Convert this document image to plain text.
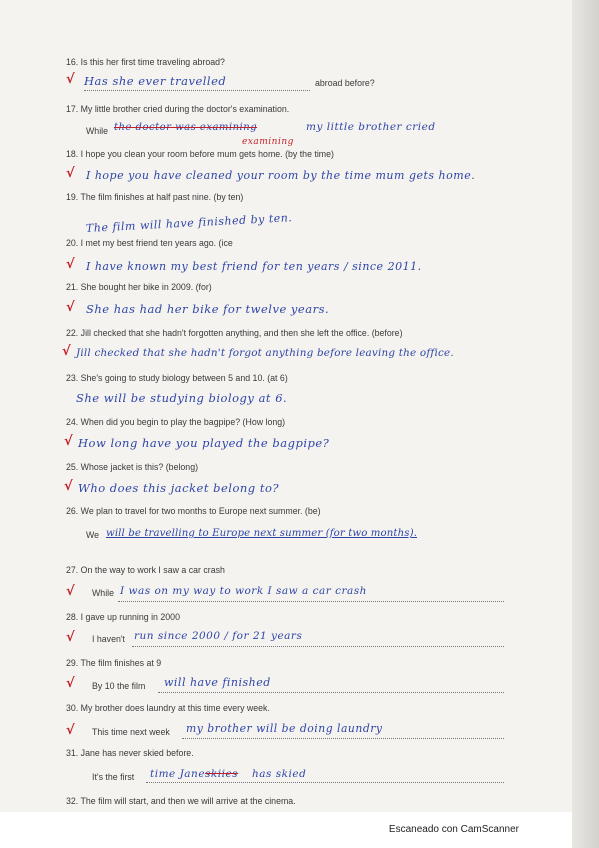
16. Is this her first time traveling abroad?
√ Has she ever travelled	abroad before?
17. My little brother cried during the doctor's examination.
While the doctor was examining	my little brother cried
examining
18. I hope you clean your room before mum gets home. (by the time)
√ I hope you have cleaned your room by the time mum gets home.
19. The film finishes at half past nine. (by ten)
The film will have finished by ten.
20. I met my best friend ten years ago. (ice
√ I have known my best friend for ten years / since 2011.
21. She bought her bike in 2009. (for)
√ She has had her bike for twelve years.
22. Jill checked that she hadn't forgotten anything, and then she left the office. (before)
√ Jill checked that she hadn't forgot anything before leaving the office.
23. She's going to study biology between 5 and 10. (at 6)
She will be studying biology at 6.
24. When did you begin to play the bagpipe? (How long)
√ How long have you played the bagpipe?
25. Whose jacket is this? (belong)
√ Who does this jacket belong to?
26. We plan to travel for two months to Europe next summer. (be)
We will be travelling to Europe next summer (for two months).
27. On the way to work I saw a car crash
√ While I was on my way to work I saw a car crash
28. I gave up running in 2000
√ I haven't run since 2000 / for 21 years
29. The film finishes at 9
√ By 10 the film will have finished
30. My brother does laundry at this time every week.
√ This time next week my brother will be doing laundry
31. Jane has never skied before.
It's the first time Jane skiies has skied
32. The film will start, and then we will arrive at the cinema.
Escaneado con CamScanner
